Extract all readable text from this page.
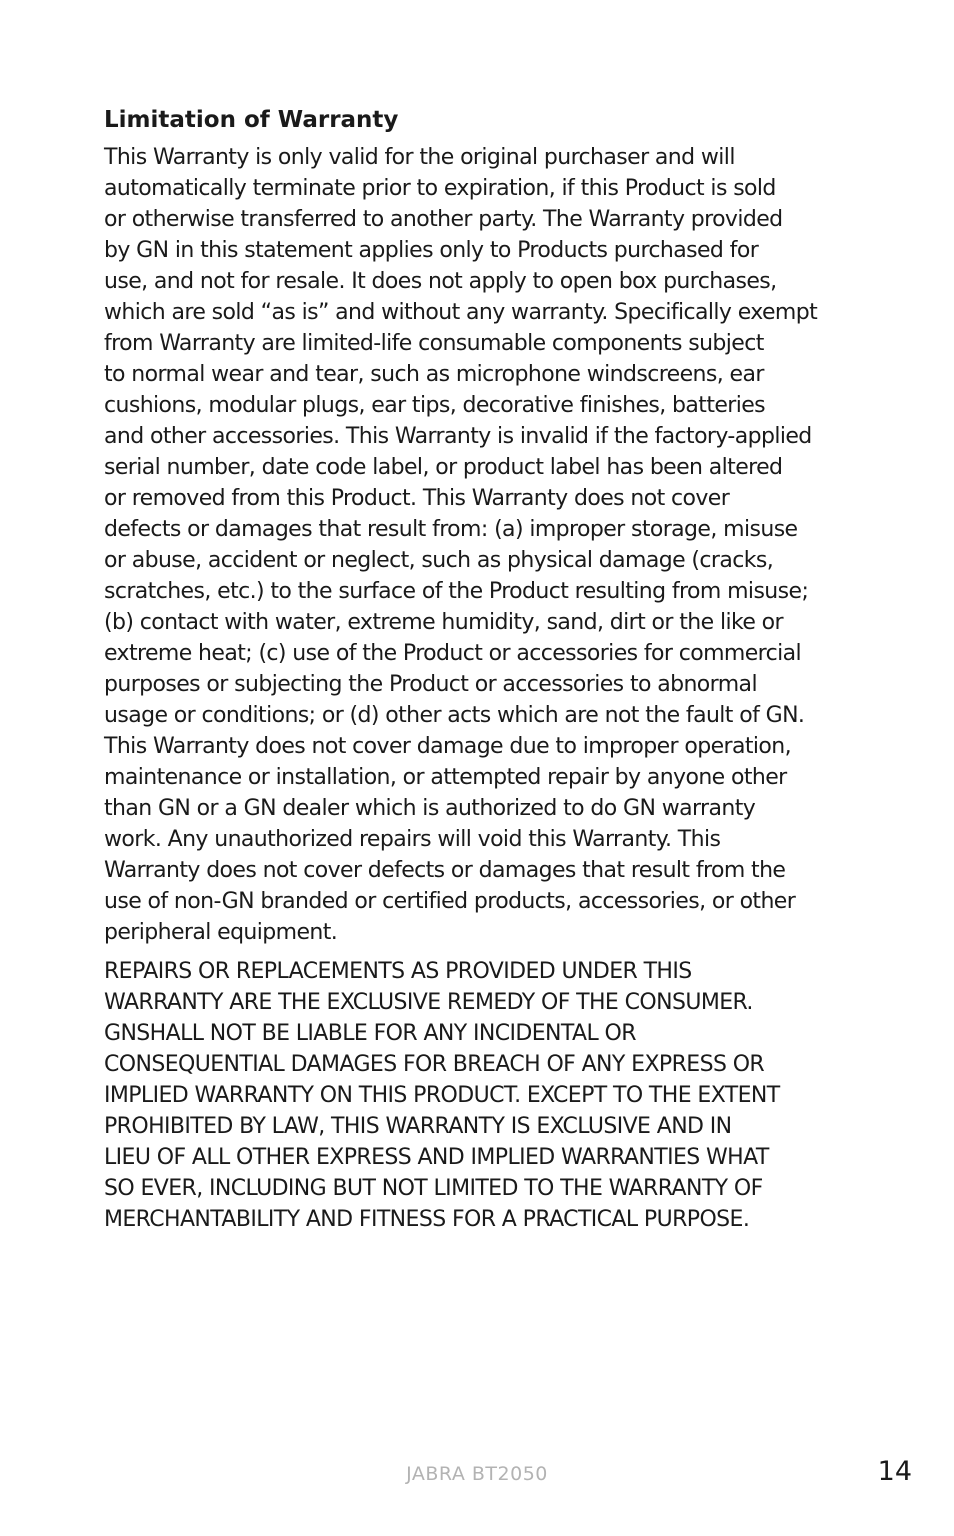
Limitation of Warranty
This Warranty is only valid for the original purchaser and will
automatically terminate prior to expiration, if this Product is sold
or otherwise transferred to another party. The Warranty provided
by GN in this statement applies only to Products purchased for
use, and not for resale. It does not apply to open box purchases,
which are sold “as is” and without any warranty. Specifically exempt
from Warranty are limited-life consumable components subject
to normal wear and tear, such as microphone windscreens, ear
cushions, modular plugs, ear tips, decorative finishes, batteries
and other accessories. This Warranty is invalid if the factory-applied
serial number, date code label, or product label has been altered
or removed from this Product. This Warranty does not cover
defects or damages that result from: (a) improper storage, misuse
or abuse, accident or neglect, such as physical damage (cracks,
scratches, etc.) to the surface of the Product resulting from misuse;
(b) contact with water, extreme humidity, sand, dirt or the like or
extreme heat; (c) use of the Product or accessories for commercial
purposes or subjecting the Product or accessories to abnormal
usage or conditions; or (d) other acts which are not the fault of GN.
This Warranty does not cover damage due to improper operation,
maintenance or installation, or attempted repair by anyone other
than GN or a GN dealer which is authorized to do GN warranty
work. Any unauthorized repairs will void this Warranty. This
Warranty does not cover defects or damages that result from the
use of non-GN branded or certified products, accessories, or other
peripheral equipment.
REPAIRS OR REPLACEMENTS AS PROVIDED UNDER THIS
WARRANTY ARE THE EXCLUSIVE REMEDY OF THE CONSUMER.
GNSHALL NOT BE LIABLE FOR ANY INCIDENTAL OR
CONSEQUENTIAL DAMAGES FOR BREACH OF ANY EXPRESS OR
IMPLIED WARRANTY ON THIS PRODUCT. EXCEPT TO THE EXTENT
PROHIBITED BY LAW, THIS WARRANTY IS EXCLUSIVE AND IN
LIEU OF ALL OTHER EXPRESS AND IMPLIED WARRANTIES WHAT
SO EVER, INCLUDING BUT NOT LIMITED TO THE WARRANTY OF
MERCHANTABILITY AND FITNESS FOR A PRACTICAL PURPOSE.
JABRA BT2050	14
